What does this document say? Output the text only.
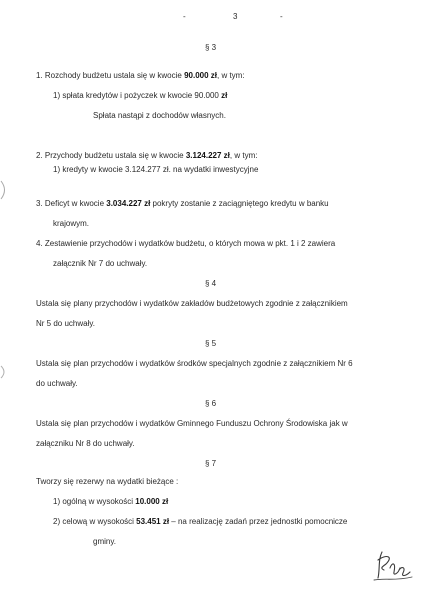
-	3	-
§ 3
1. Rozchody budżetu ustala się w kwocie 90.000 zł, w tym:
1) spłata kredytów i pożyczek w kwocie 90.000 zł
Spłata nastąpi z dochodów własnych.
2. Przychody budżetu ustala się w kwocie 3.124.227 zł, w tym:
1) kredyty w kwocie 3.124.277 zł. na wydatki inwestycyjne
3. Deficyt w kwocie 3.034.227 zł pokryty zostanie z zaciągniętego kredytu w banku
krajowym.
4. Zestawienie przychodów i wydatków budżetu, o których mowa w pkt. 1 i 2 zawiera
załącznik Nr 7 do uchwały.
§ 4
Ustala się plany przychodów i wydatków zakładów budżetowych zgodnie z załącznikiem
Nr 5 do uchwały.
§ 5
Ustala się plan przychodów i wydatków środków specjalnych zgodnie z załącznikiem Nr 6
do uchwały.
§ 6
Ustala się plan przychodów i wydatków Gminnego Funduszu Ochrony Środowiska jak w
załączniku Nr 8 do uchwały.
§ 7
Tworzy się rezerwy na wydatki bieżące :
1) ogólną w wysokości 10.000 zł
2) celową w wysokości 53.451 zł – na realizację zadań przez jednostki pomocnicze
gminy.
